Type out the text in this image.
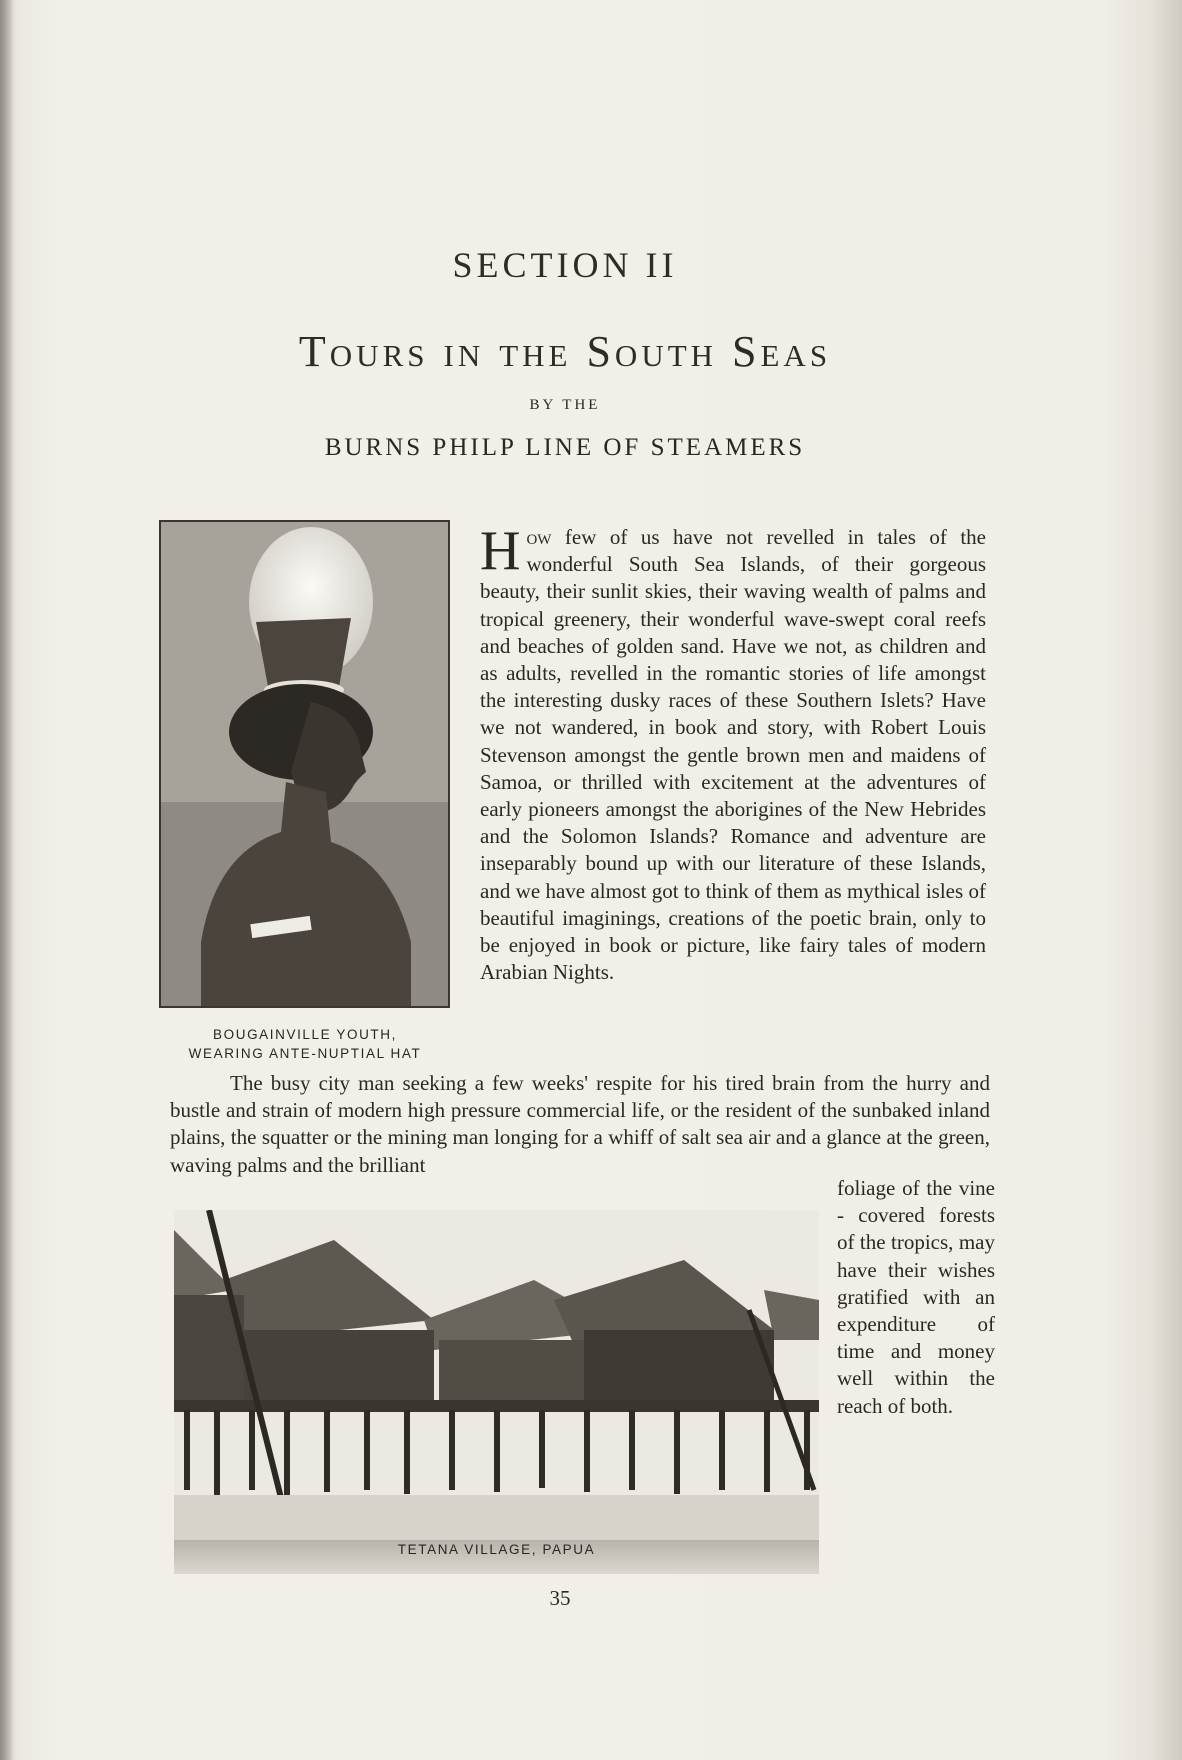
SECTION II
Tours in the South Seas
BY THE
BURNS PHILP LINE OF STEAMERS
BOUGAINVILLE YOUTH,
WEARING ANTE-NUPTIAL HAT
How few of us have not revelled in tales of the wonderful South Sea Islands, of their gorgeous beauty, their sunlit skies, their waving wealth of palms and tropical greenery, their wonderful wave-swept coral reefs and beaches of golden sand. Have we not, as children and as adults, revelled in the romantic stories of life amongst the interesting dusky races of these Southern Islets? Have we not wandered, in book and story, with Robert Louis Stevenson amongst the gentle brown men and maidens of Samoa, or thrilled with excitement at the adventures of early pioneers amongst the aborigines of the New Hebrides and the Solomon Islands? Romance and adventure are inseparably bound up with our literature of these Islands, and we have almost got to think of them as mythical isles of beautiful imaginings, creations of the poetic brain, only to be enjoyed in book or picture, like fairy tales of modern Arabian Nights.
The busy city man seeking a few weeks' respite for his tired brain from the hurry and bustle and strain of modern high pressure commercial life, or the resident of the sunbaked inland plains, the squatter or the mining man longing for a whiff of salt sea air and a glance at the green, waving palms and the brilliant
TETANA VILLAGE, PAPUA
foliage of the vine - covered forests of the tropics, may have their wishes gratified with an expenditure of time and money well within the reach of both.
35
